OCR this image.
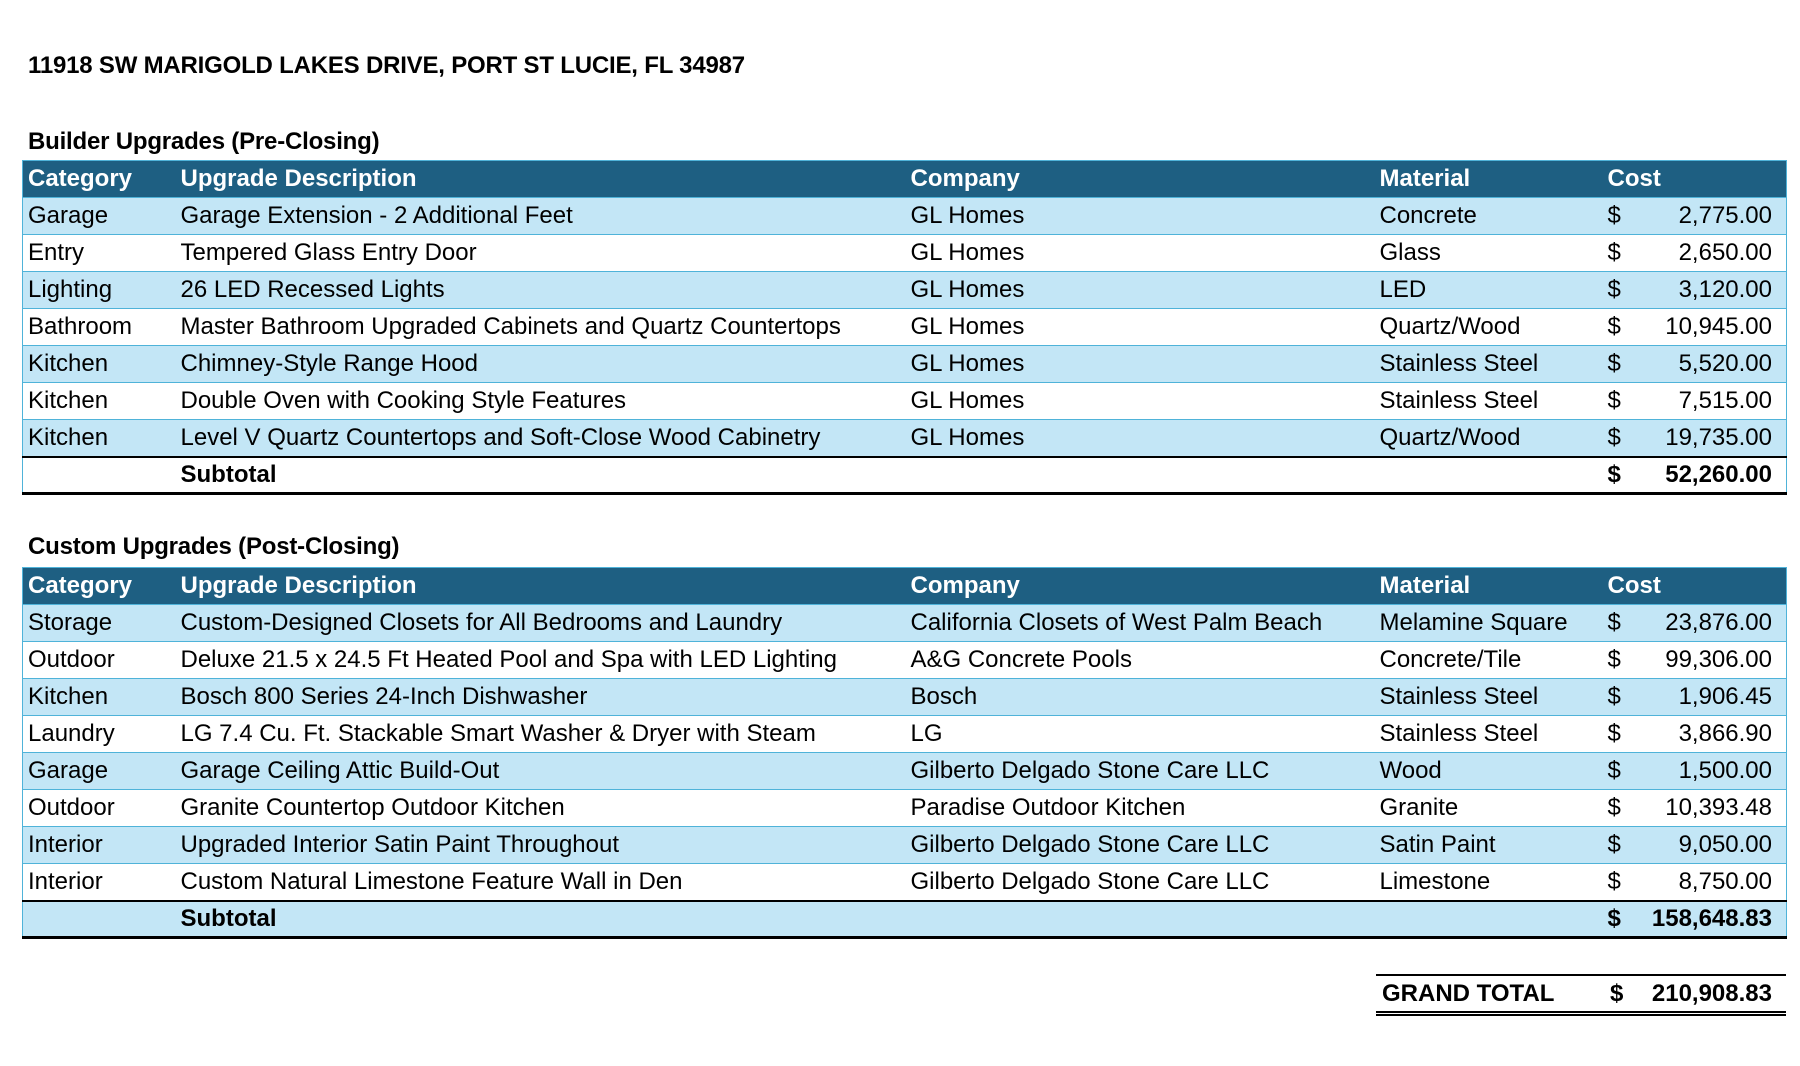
11918 SW MARIGOLD LAKES DRIVE, PORT ST LUCIE, FL 34987
Builder Upgrades (Pre-Closing)
Category	Upgrade Description	Company	Material	Cost
Garage	Garage Extension - 2 Additional Feet	GL Homes	Concrete	$ 2,775.00

Entry	Tempered Glass Entry Door	GL Homes	Glass	$ 2,650.00

Lighting	26 LED Recessed Lights	GL Homes	LED	$ 3,120.00

Bathroom	Master Bathroom Upgraded Cabinets and Quartz Countertops	GL Homes	Quartz/Wood	$ 10,945.00

Kitchen	Chimney-Style Range Hood	GL Homes	Stainless Steel	$ 5,520.00

Kitchen	Double Oven with Cooking Style Features	GL Homes	Stainless Steel	$ 7,515.00

Kitchen	Level V Quartz Countertops and Soft-Close Wood Cabinetry	GL Homes	Quartz/Wood	$ 19,735.00

	Subtotal			$ 52,260.00
Custom Upgrades (Post-Closing)
Category	Upgrade Description	Company	Material	Cost
Storage	Custom-Designed Closets for All Bedrooms and Laundry	California Closets of West Palm Beach	Melamine Square	$ 23,876.00

Outdoor	Deluxe 21.5 x 24.5 Ft Heated Pool and Spa with LED Lighting	A&G Concrete Pools	Concrete/Tile	$ 99,306.00

Kitchen	Bosch 800 Series 24-Inch Dishwasher	Bosch	Stainless Steel	$ 1,906.45

Laundry	LG 7.4 Cu. Ft. Stackable Smart Washer & Dryer with Steam	LG	Stainless Steel	$ 3,866.90

Garage	Garage Ceiling Attic Build-Out	Gilberto Delgado Stone Care LLC	Wood	$ 1,500.00

Outdoor	Granite Countertop Outdoor Kitchen	Paradise Outdoor Kitchen	Granite	$ 10,393.48

Interior	Upgraded Interior Satin Paint Throughout	Gilberto Delgado Stone Care LLC	Satin Paint	$ 9,050.00

Interior	Custom Natural Limestone Feature Wall in Den	Gilberto Delgado Stone Care LLC	Limestone	$ 8,750.00

	Subtotal			$ 158,648.83
GRAND TOTAL	$ 210,908.83
